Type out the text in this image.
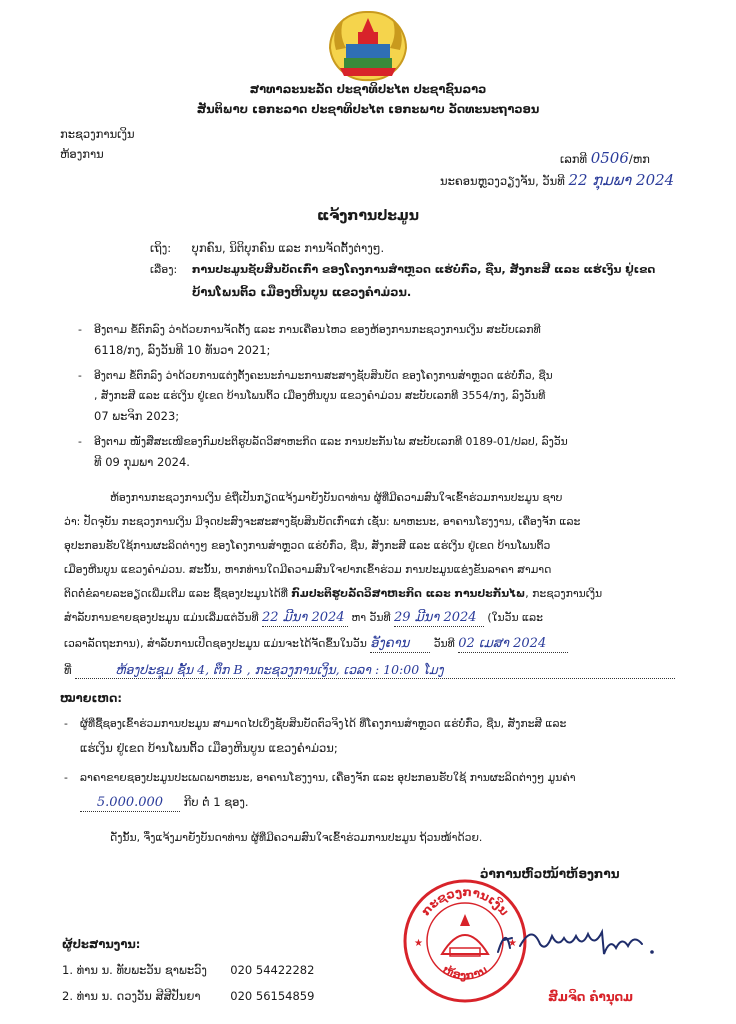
ສາທາລະນະລັດ ປະຊາທິປະໄຕ ປະຊາຊົນລາວ
ສັນຕິພາບ ເອກະລາດ ປະຊາທິປະໄຕ ເອກະພາບ ວັດທະນະຖາວອນ
ກະຊວງການເງິນ
ຫ້ອງການ	ເລກທີ 0506/ຫກ
ນະຄອນຫຼວງວຽງຈັນ, ວັນທີ 22 ກຸມພາ 2024
ແຈ້ງການປະມູນ
ເຖິງ: ບຸກຄົນ, ນິຕິບຸກຄົນ ແລະ ການຈັດຕັ້ງຕ່າງໆ.
ເລື່ອງ: ການປະມູນຊັບສິນບັດເກົ່າ ຂອງໂຄງການສຳຫຼວດ ແຮ່ບໍ່ກົ່ວ, ຊືນ, ສັງກະສີ ແລະ ແຮ່ເງິນ ຢູ່ເຂດ
ບ້ານໂພນຕິ້ວ ເມືອງຫີນບູນ ແຂວງຄຳມ່ວນ.
- ອີງຕາມ ຂໍ້ຕົກລົງ ວ່າດ້ວຍການຈັດຕັ້ງ ແລະ ການເຄື່ອນໄຫວ ຂອງຫ້ອງການກະຊວງການເງິນ ສະບັບເລກທີ
6118/ກງ, ລົງວັນທີ 10 ທັນວາ 2021;
- ອີງຕາມ ຂໍ້ຕົກລົງ ວ່າດ້ວຍການແຕ່ງຕັ້ງຄະນະກຳມະການສະສາງຊັບສິນບັດ ຂອງໂຄງການສຳຫຼວດ ແຮ່ບໍ່ກົ່ວ, ຊືນ
, ສັງກະສີ ແລະ ແຮ່ເງິນ ຢູ່ເຂດ ບ້ານໂພນຕິ້ວ ເມືອງຫີນບູນ ແຂວງຄຳມ່ວນ ສະບັບເລກທີ 3554/ກງ, ລົງວັນທີ
07 ພະຈິກ 2023;
- ອີງຕາມ ໜັງສືສະເໜີຂອງກົມປະຕິຮູບລັດວິສາຫະກິດ ແລະ ການປະກັນໄພ ສະບັບເລກທີ 0189-01/ປລປ, ລົງວັນ
ທີ 09 ກຸມພາ 2024.
ຫ້ອງການກະຊວງການເງິນ ຂໍຖືເປັນກຽດແຈ້ງມາຍັງບັນດາທ່ານ ຜູ້ທີ່ມີຄວາມສົນໃຈເຂົ້າຮ່ວມການປະມູນ ຊາບ
ວ່າ: ປັດຈຸບັນ ກະຊວງການເງິນ ມີຈຸດປະສົງຈະສະສາງຊັບສິນບັດເກົ່າແກ່ ເຊັ່ນ: ພາຫະນະ, ອາຄານໂຮງງານ, ເຄື່ອງຈັກ ແລະ
ອຸປະກອນຮັບໃຊ້ການຜະລິດຕ່າງໆ ຂອງໂຄງການສຳຫຼວດ ແຮ່ບໍ່ກົ່ວ, ຊືນ, ສັງກະສີ ແລະ ແຮ່ເງິນ ຢູ່ເຂດ ບ້ານໂພນຕິ້ວ
ເມືອງຫີນບູນ ແຂວງຄຳມ່ວນ. ສະນັ້ນ, ຫາກທ່ານໃດມີຄວາມສົນໃຈຢາກເຂົ້າຮ່ວມ ການປະມູນແຂ່ງຂັນລາຄາ ສາມາດ
ຕິດຕໍ່ຂໍລາຍລະອຽດເພີ່ມເຕີມ ແລະ ຊື້ຊອງປະມູນໄດ້ທີ່ ກົມປະຕິຮູບລັດວິສາຫະກິດ ແລະ ການປະກັນໄພ, ກະຊວງການເງິນ
ສຳລັບການຂາຍຊອງປະມູນ ແມ່ນເລີ່ມແຕ່ວັນທີ 22 ມີນາ 2024 ຫາ ວັນທີ 29 ມີນາ 2024 (ໃນວັນ ແລະ
ເວລາລັດຖະການ), ສຳລັບການເປີດຊອງປະມູນ ແມ່ນຈະໄດ້ຈັດຂຶ້ນໃນວັນ ອັງຄານ ວັນທີ 02 ເມສາ 2024
ທີ່	ຫ້ອງປະຊຸມ ຊັ້ນ 4, ຕຶກ B , ກະຊວງການເງິນ, ເວລາ : 10:00 ໂມງ
ໝາຍເຫດ:
- ຜູ້ທີ່ຊື້ຊອງເຂົ້າຮ່ວມການປະມູນ ສາມາດໄປເບິ່ງຊັບສິນບັດຕົວຈິງໄດ້ ທີ່ໂຄງການສຳຫຼວດ ແຮ່ບໍ່ກົ່ວ, ຊືນ, ສັງກະສີ ແລະ
ແຮ່ເງິນ ຢູ່ເຂດ ບ້ານໂພນຕິ້ວ ເມືອງຫີນບູນ ແຂວງຄຳມ່ວນ;
- ລາຄາຂາຍຊອງປະມູນປະເພດພາຫະນະ, ອາຄານໂຮງງານ, ເຄື່ອງຈັກ ແລະ ອຸປະກອນຮັບໃຊ້ ການຜະລິດຕ່າງໆ ມູນຄ່າ
5.000.000 ກີບ ຕໍ່ 1 ຊອງ.
ດັ່ງນັ້ນ, ຈຶ່ງແຈ້ງມາຍັງບັນດາທ່ານ ຜູ້ທີ່ມີຄວາມສົນໃຈເຂົ້າຮ່ວມການປະມູນ ຖ້ວນໜ້າດ້ວຍ.
ວ່າການຫົວໜ້າຫ້ອງການ
ກະຊວງການເງິນ
ຫ້ອງການ
★	★
ສົມຈິດ ຄຳນຸດມ
ຜູ້ປະສານງານ:
1. ທ່ານ ນ. ທັບພະວັນ ຊາພະວົງ 020 54422282
2. ທ່ານ ນ. ດວງວັນ ສີສີປັນຍາ	020 56154859
